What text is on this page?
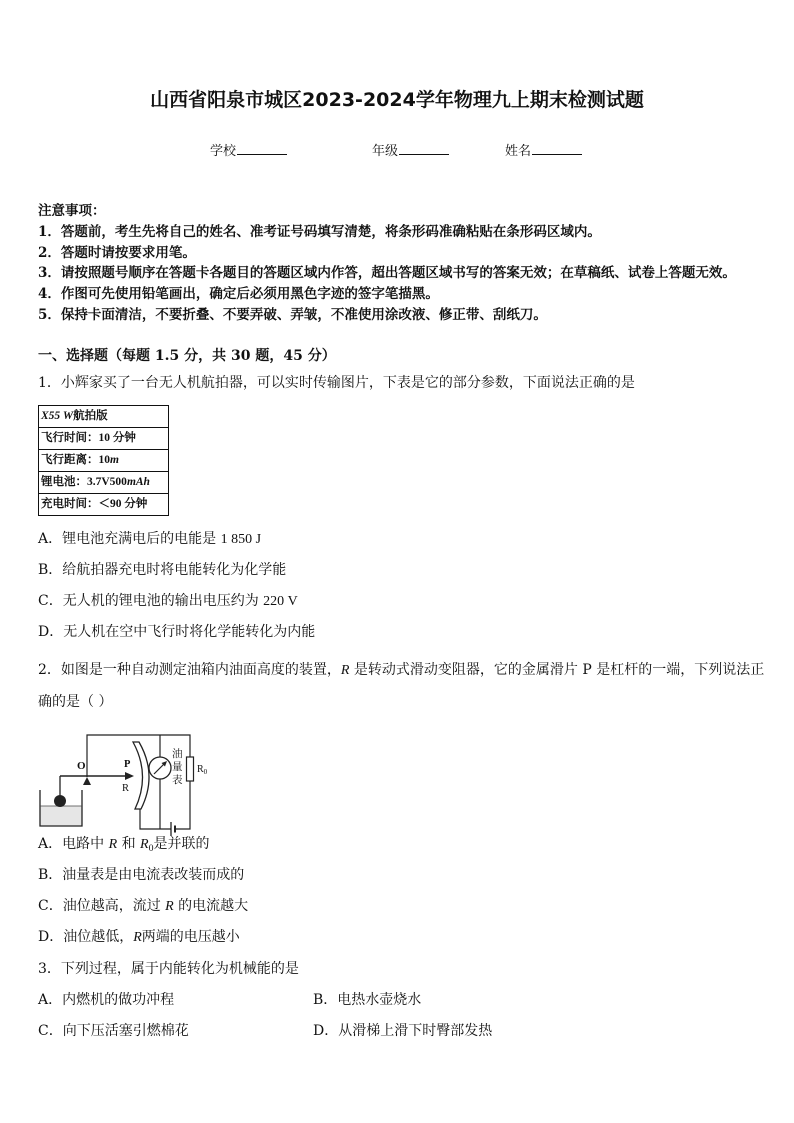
山西省阳泉市城区2023-2024学年物理九上期末检测试题
学校	年级	姓名
注意事项：
1．答题前，考生先将自己的姓名、准考证号码填写清楚，将条形码准确粘贴在条形码区域内。
2．答题时请按要求用笔。
3．请按照题号顺序在答题卡各题目的答题区域内作答，超出答题区域书写的答案无效；在草稿纸、试卷上答题无效。
4．作图可先使用铅笔画出，确定后必须用黑色字迹的签字笔描黑。
5．保持卡面清洁，不要折叠、不要弄破、弄皱，不准使用涂改液、修正带、刮纸刀。
一、选择题（每题 1.5 分，共 30 题，45 分）
1．小辉家买了一台无人机航拍器，可以实时传输图片，下表是它的部分参数，下面说法正确的是
X55 W航拍版
飞行时间：10 分钟
飞行距离：10m
锂电池：3.7V500mAh
充电时间：＜90 分钟
A．锂电池充满电后的电能是 1 850 J
B．给航拍器充电时将电能转化为化学能
C．无人机的锂电池的输出电压约为 220 V
D．无人机在空中飞行时将化学能转化为内能
2．如图是一种自动测定油箱内油面高度的装置，R 是转动式滑动变阻器，它的金属滑片 P 是杠杆的一端，下列说法正
确的是（ ）
O	P
R
油
量
表
$R_0$
A．电路中 R 和 $R_0$是并联的
B．油量表是由电流表改装而成的
C．油位越高，流过 R 的电流越大
D．油位越低，R两端的电压越小
3．下列过程，属于内能转化为机械能的是
A．内燃机的做功冲程	B．电热水壶烧水
C．向下压活塞引燃棉花	D．从滑梯上滑下时臀部发热
